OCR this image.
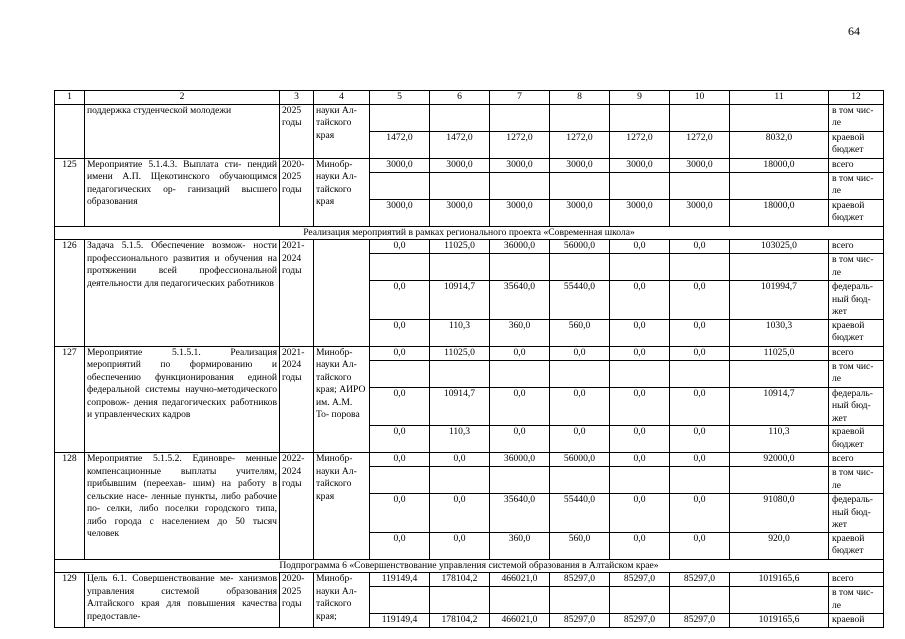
64
1	2	3	4	5	6	7	8	9	10	11	12
	поддержка студенческой молодежи	2025 годы	науки Ал- тайского края								в том чис- ле
				1472,0	1472,0	1272,0	1272,0	1272,0	1272,0	8032,0	краевой бюджет
125	Мероприятие 5.1.4.3. Выплата сти- пендий имени А.П. Щекотинского обучающимся педагогических ор- ганизаций высшего образования	2020- 2025 годы	Минобр- науки Ал- тайского края	3000,0	3000,0	3000,0	3000,0	3000,0	3000,0	18000,0	всего
											в том чис- ле
				3000,0	3000,0	3000,0	3000,0	3000,0	3000,0	18000,0	краевой бюджет
Реализация мероприятий в рамках регионального проекта «Современная школа»											
126	Задача 5.1.5. Обеспечение возмож- ности профессионального развития и обучения на протяжении всей профессиональной деятельности для педагогических работников	2021- 2024 годы		0,0	11025,0	36000,0	56000,0	0,0	0,0	103025,0	всего
											в том чис- ле
				0,0	10914,7	35640,0	55440,0	0,0	0,0	101994,7	федераль- ный бюд- жет
				0,0	110,3	360,0	560,0	0,0	0,0	1030,3	краевой бюджет
127	Мероприятие 5.1.5.1. Реализация мероприятий по формированию и обеспечению функционирования единой федеральной системы научно-методического сопровож- дения педагогических работников и управленческих кадров	2021- 2024 годы	Минобр- науки Ал- тайского края; АИРО им. А.М. То- порова	0,0	11025,0	0,0	0,0	0,0	0,0	11025,0	всего
											в том чис- ле
				0,0	10914,7	0,0	0,0	0,0	0,0	10914,7	федераль- ный бюд- жет
				0,0	110,3	0,0	0,0	0,0	0,0	110,3	краевой бюджет
128	Мероприятие 5.1.5.2. Единовре- менные компенсационные выплаты учителям, прибывшим (переехав- шим) на работу в сельские насе- ленные пункты, либо рабочие по- селки, либо поселки городского типа, либо города с населением до 50 тысяч человек	2022- 2024 годы	Минобр- науки Ал- тайского края	0,0	0,0	36000,0	56000,0	0,0	0,0	92000,0	всего
											в том чис- ле
				0,0	0,0	35640,0	55440,0	0,0	0,0	91080,0	федераль- ный бюд- жет
				0,0	0,0	360,0	560,0	0,0	0,0	920,0	краевой бюджет
Подпрограмма 6 «Совершенствование управления системой образования в Алтайском крае»											
129	Цель 6.1. Совершенствование ме- ханизмов управления системой образования Алтайского края для повышения качества предоставле-	2020- 2025 годы	Минобр- науки Ал- тайского края;	119149,4	178104,2	466021,0	85297,0	85297,0	85297,0	1019165,6	всего
											в том чис- ле
				119149,4	178104,2	466021,0	85297,0	85297,0	85297,0	1019165,6	краевой
